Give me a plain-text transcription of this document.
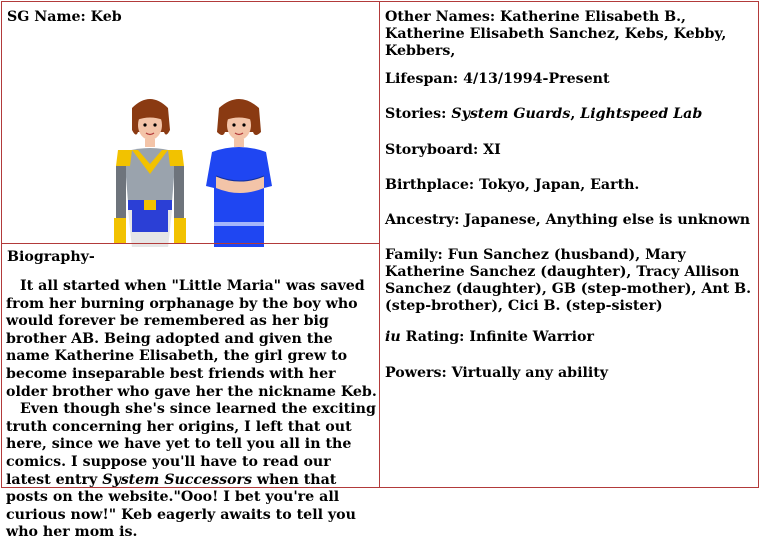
SG Name: Keb
Biography-

It all started when "Little Maria" was saved from her burning orphanage by the boy who would forever be remembered as her big brother AB. Being adopted and given the name Katherine Elisabeth, the girl grew to become inseparable best friends with her older brother who gave her the nickname Keb.

Even though she's since learned the exciting truth concerning her origins, I left that out here, since we have yet to tell you all in the comics. I suppose you'll have to read our latest entry System Successors when that posts on the website."Ooo! I bet you're all curious now!" Keb eagerly awaits to tell you who her mom is.

Other Names: Katherine Elisabeth B., Katherine Elisabeth Sanchez, Kebs, Kebby, Kebbers,
Lifespan: 4/13/1994-Present
Stories: System Guards, Lightspeed Lab
Storyboard: XI
Birthplace: Tokyo, Japan, Earth.
Ancestry: Japanese, Anything else is unknown
Family: Fun Sanchez (husband), Mary Katherine Sanchez (daughter), Tracy Allison Sanchez (daughter), GB (step-mother), Ant B. (step-brother), Cici B. (step-sister)
iu Rating: Infinite Warrior
Powers: Virtually any ability
